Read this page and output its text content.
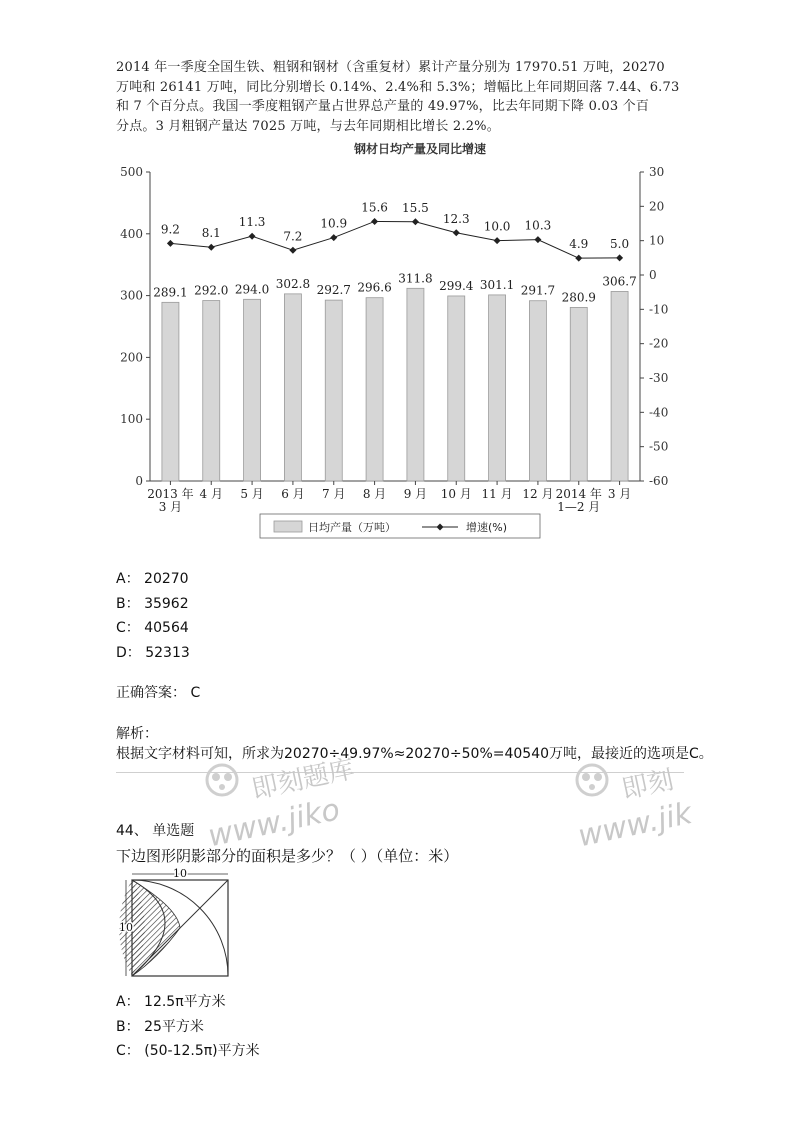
2014 年一季度全国生铁、粗钢和钢材（含重复材）累计产量分别为 17970.51 万吨，20270
万吨和 26141 万吨，同比分别增长 0.14%、2.4%和 5.3%；增幅比上年同期回落 7.44、6.73
和 7 个百分点。我国一季度粗钢产量占世界总产量的 49.97%，比去年同期下降 0.03 个百
分点。3 月粗钢产量达 7025 万吨，与去年同期相比增长 2.2%。
钢材日均产量及同比增速
0
100
200
300
400
500	30
20
10
0
-10
-20
-30
-40
-50
-60
289.1
2013 年
3 月
292.0
4 月
294.0
5 月
302.8
6 月
292.7
7 月
296.6
8 月
311.8
9 月
299.4
10 月
301.1
11 月
291.7
12 月
280.9
2014 年
1—2 月
306.7
3 月
9.2 8.1
11.3
7.2
10.9
15.6 15.5
12.3
10.0 10.3
4.9 5.0
日均产量（万吨）	增速(%)
A： 20270
B： 35962
C： 40564
D： 52313
正确答案： C
解析：
根据文字材料可知，所求为20270÷49.97%≈20270÷50%=40540万吨，最接近的选项是C。
即刻题库
www.jiko
即刻
www.jik
44、 单选题
下边图形阴影部分的面积是多少？（ ）（单位：米）
10
10
A： 12.5π平方米
B： 25平方米
C： (50-12.5π)平方米
